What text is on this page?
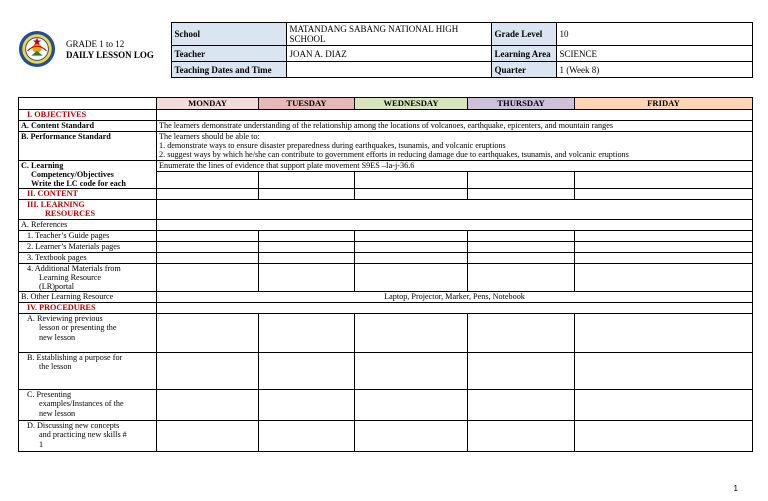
GRADE 1 to 12
DAILY LESSON LOG	School	MATANDANG SABANG NATIONAL HIGH SCHOOL	Grade Level	10
		Teacher	JOAN A. DIAZ	Learning Area	SCIENCE
		Teaching Dates and Time		Quarter	1 (Week 8)
	MONDAY	TUESDAY	WEDNESDAY	THURSDAY	FRIDAY
I. OBJECTIVES					
A. Content Standard	The learners demonstrate understanding of the relationship among the locations of volcanoes, earthquake, epicenters, and mountain ranges				
B. Performance Standard	The learners should be able to:
1. demonstrate ways to ensure disaster preparedness during earthquakes, tsunamis, and volcanic eruptions
2. suggest ways by which he/she can contribute to government efforts in reducing damage due to earthquakes, tsunamis, and volcanic eruptions				

C. Learning
Competency/Objectives
Write the LC code for each	Enumerate the lines of evidence that support plate movement S9ES –Ia-j-36.6				

II. CONTENT					

III. LEARNING
RESOURCES					

A. References					
1. Teacher’s Guide pages					
2. Learner’s Materials pages					
3. Textbook pages					

4. Additional Materials from
Learning Resource
(LR)portal					

B. Other Learning Resource	Laptop, Projector, Marker, Pens, Notebook				
IV. PROCEDURES					

A. Reviewing previous
lesson or presenting the
new lesson					

B. Establishing a purpose for
the lesson					

C. Presenting
examples/Instances of the
new lesson					

D. Discussing new concepts
and practicing new skills #
1					

1
